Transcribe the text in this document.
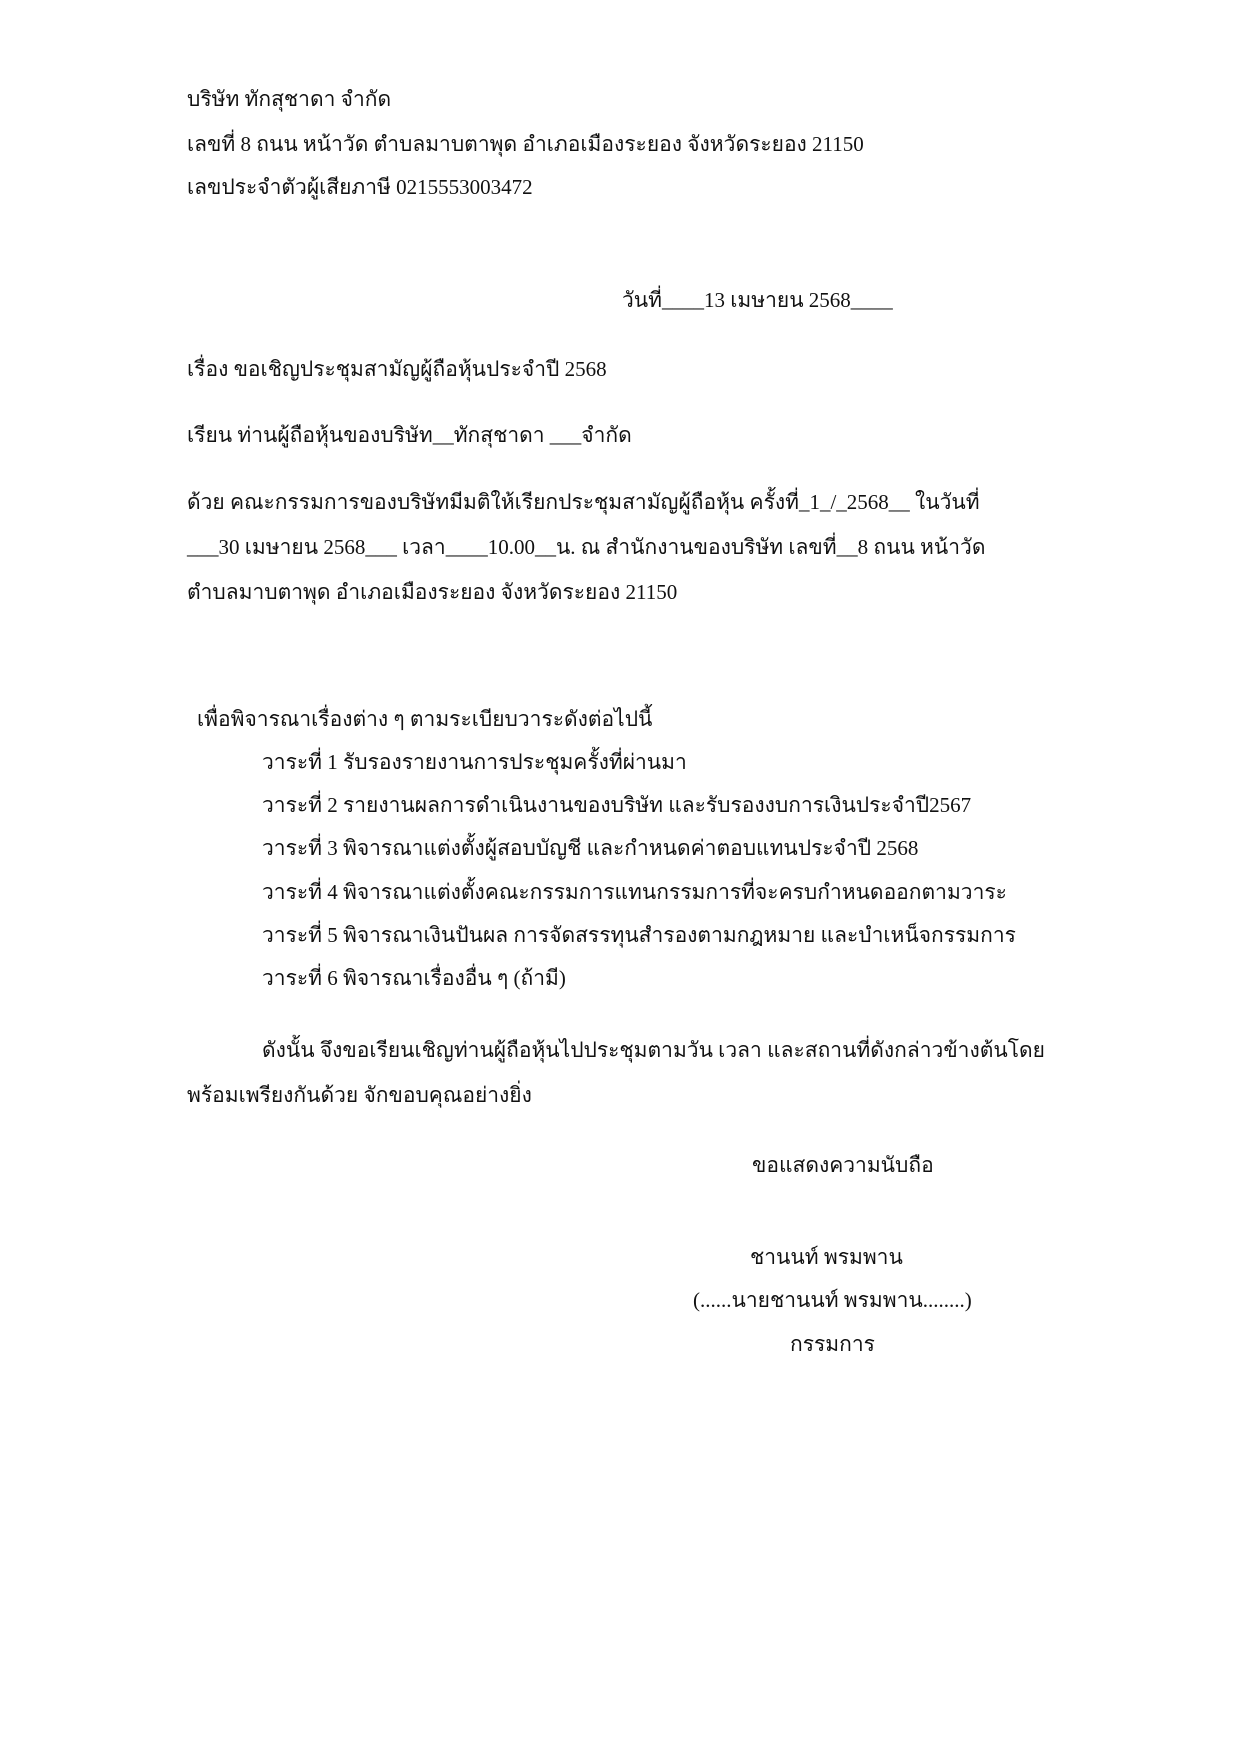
บริษัท ทักสุชาดา จำกัด
เลขที่ 8 ถนน หน้าวัด ตำบลมาบตาพุด อำเภอเมืองระยอง จังหวัดระยอง 21150
เลขประจำตัวผู้เสียภาษี 0215553003472
วันที่____13 เมษายน 2568____
เรื่อง ขอเชิญประชุมสามัญผู้ถือหุ้นประจำปี 2568
เรียน ท่านผู้ถือหุ้นของบริษัท__ทักสุชาดา ___จำกัด
ด้วย คณะกรรมการของบริษัทมีมติให้เรียกประชุมสามัญผู้ถือหุ้น ครั้งที่_1_/_2568__ ในวันที่
___30 เมษายน 2568___ เวลา____10.00__น. ณ สำนักงานของบริษัท เลขที่__8 ถนน หน้าวัด
ตำบลมาบตาพุด อำเภอเมืองระยอง จังหวัดระยอง 21150
เพื่อพิจารณาเรื่องต่าง ๆ ตามระเบียบวาระดังต่อไปนี้
วาระที่ 1 รับรองรายงานการประชุมครั้งที่ผ่านมา
วาระที่ 2 รายงานผลการดำเนินงานของบริษัท และรับรองงบการเงินประจำปี2567
วาระที่ 3 พิจารณาแต่งตั้งผู้สอบบัญชี และกำหนดค่าตอบแทนประจำปี 2568
วาระที่ 4 พิจารณาแต่งตั้งคณะกรรมการแทนกรรมการที่จะครบกำหนดออกตามวาระ
วาระที่ 5 พิจารณาเงินปันผล การจัดสรรทุนสำรองตามกฎหมาย และบำเหน็จกรรมการ
วาระที่ 6 พิจารณาเรื่องอื่น ๆ (ถ้ามี)
ดังนั้น จึงขอเรียนเชิญท่านผู้ถือหุ้นไปประชุมตามวัน เวลา และสถานที่ดังกล่าวข้างต้นโดย
พร้อมเพรียงกันด้วย จักขอบคุณอย่างยิ่ง
ขอแสดงความนับถือ
ชานนท์ พรมพาน
(......นายชานนท์ พรมพาน........)
กรรมการ
